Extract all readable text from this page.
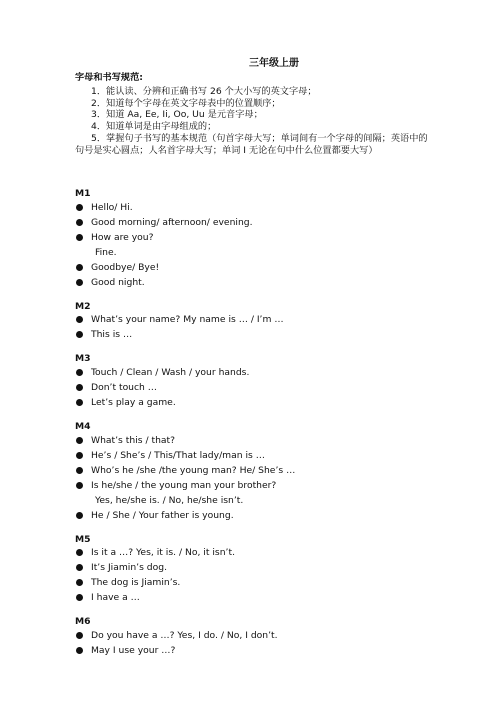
三年级上册
字母和书写规范:
1．能认读、分辨和正确书写 26 个大小写的英文字母；
2．知道每个字母在英文字母表中的位置顺序；
3．知道 Aa, Ee, Ii, Oo, Uu 是元音字母；
4．知道单词是由字母组成的；
5．掌握句子书写的基本规范（句首字母大写；单词间有一个字母的间隔；英语中的句号是实心圆点；人名首字母大写；单词 I 无论在句中什么位置都要大写）
M1
Hello/ Hi.
Good morning/ afternoon/ evening.
How are you?
Fine.
Goodbye/ Bye!
Good night.
M2
What’s your name? My name is … / I’m …
This is …
M3
Touch / Clean / Wash / your hands.
Don’t touch …
Let’s play a game.
M4
What’s this / that?
He’s / She’s / This/That lady/man is …
Who’s he /she /the young man? He/ She’s …
Is he/she / the young man your brother?
Yes, he/she is. / No, he/she isn’t.
He / She / Your father is young.
M5
Is it a …? Yes, it is. / No, it isn’t.
It’s Jiamin’s dog.
The dog is Jiamin’s.
I have a …
M6
Do you have a …? Yes, I do. / No, I don’t.
May I use your …?
